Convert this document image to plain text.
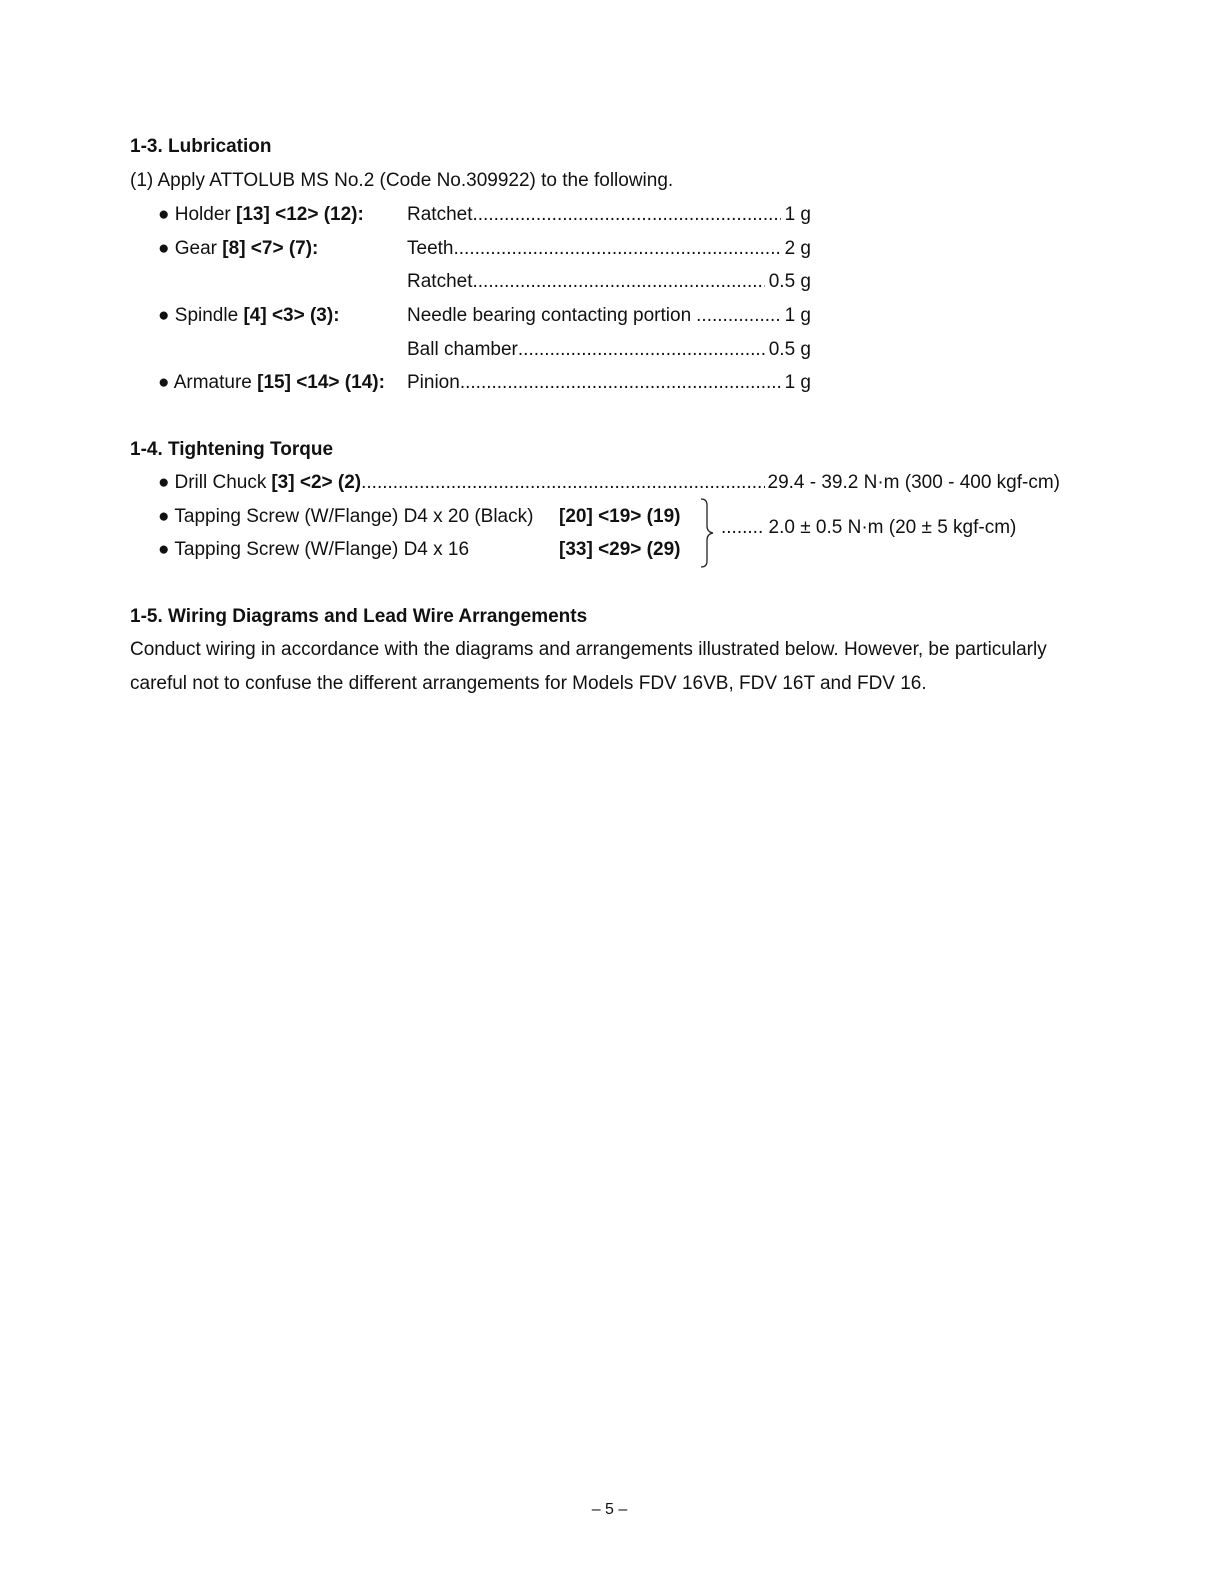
1-3. Lubrication
(1) Apply ATTOLUB MS No.2 (Code No.309922) to the following.
● Holder [13] <12> (12): Ratchet .....	1 g
● Gear [8] <7> (7):	Teeth .....	2 g
Ratchet .....	0.5 g
● Spindle [4] <3> (3):	Needle bearing contacting portion .....	1 g
Ball chamber .....	0.5 g
● Armature [15] <14> (14): Pinion .....	1 g
1-4. Tightening Torque
● Drill Chuck [3] <2> (2) .....	29.4 - 39.2 N·m (300 - 400 kgf-cm)
● Tapping Screw (W/Flange) D4 x 20 (Black) [20] <19> (19)
● Tapping Screw (W/Flange) D4 x 16	[33] <29> (29)
........ 2.0 ± 0.5 N·m (20 ± 5 kgf-cm)
1-5. Wiring Diagrams and Lead Wire Arrangements
Conduct wiring in accordance with the diagrams and arrangements illustrated below. However, be particularly
careful not to confuse the different arrangements for Models FDV 16VB, FDV 16T and FDV 16.
– 5 –
